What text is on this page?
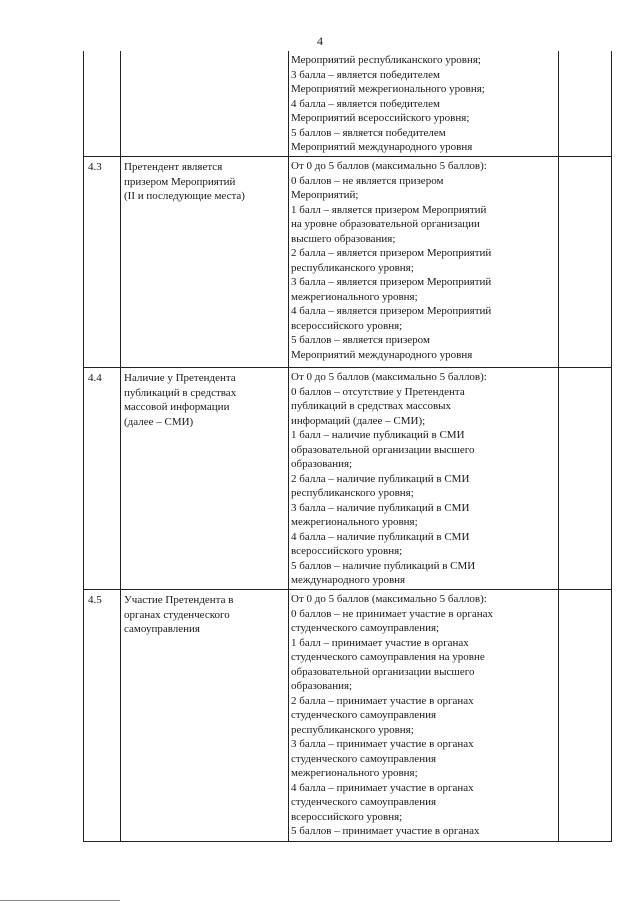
4
Мероприятий республиканского уровня;
3 балла – является победителем
Мероприятий межрегионального уровня;
4 балла – является победителем
Мероприятий всероссийского уровня;
5 баллов – является победителем
Мероприятий международного уровня
4.3 Претендент является
призером Мероприятий
(II и последующие места)
От 0 до 5 баллов (максимально 5 баллов):
0 баллов – не является призером
Мероприятий;
1 балл – является призером Мероприятий
на уровне образовательной организации
высшего образования;
2 балла – является призером Мероприятий
республиканского уровня;
3 балла – является призером Мероприятий
межрегионального уровня;
4 балла – является призером Мероприятий
всероссийского уровня;
5 баллов – является призером
Мероприятий международного уровня
4.4 Наличие у Претендента
публикаций в средствах
массовой информации
(далее – СМИ)
От 0 до 5 баллов (максимально 5 баллов):
0 баллов – отсутствие у Претендента
публикаций в средствах массовых
информаций (далее – СМИ);
1 балл – наличие публикаций в СМИ
образовательной организации высшего
образования;
2 балла – наличие публикаций в СМИ
республиканского уровня;
3 балла – наличие публикаций в СМИ
межрегионального уровня;
4 балла – наличие публикаций в СМИ
всероссийского уровня;
5 баллов – наличие публикаций в СМИ
международного уровня
4.5 Участие Претендента в
органах студенческого
самоуправления
От 0 до 5 баллов (максимально 5 баллов):
0 баллов – не принимает участие в органах
студенческого самоуправления;
1 балл – принимает участие в органах
студенческого самоуправления на уровне
образовательной организации высшего
образования;
2 балла – принимает участие в органах
студенческого самоуправления
республиканского уровня;
3 балла – принимает участие в органах
студенческого самоуправления
межрегионального уровня;
4 балла – принимает участие в органах
студенческого самоуправления
всероссийского уровня;
5 баллов – принимает участие в органах
